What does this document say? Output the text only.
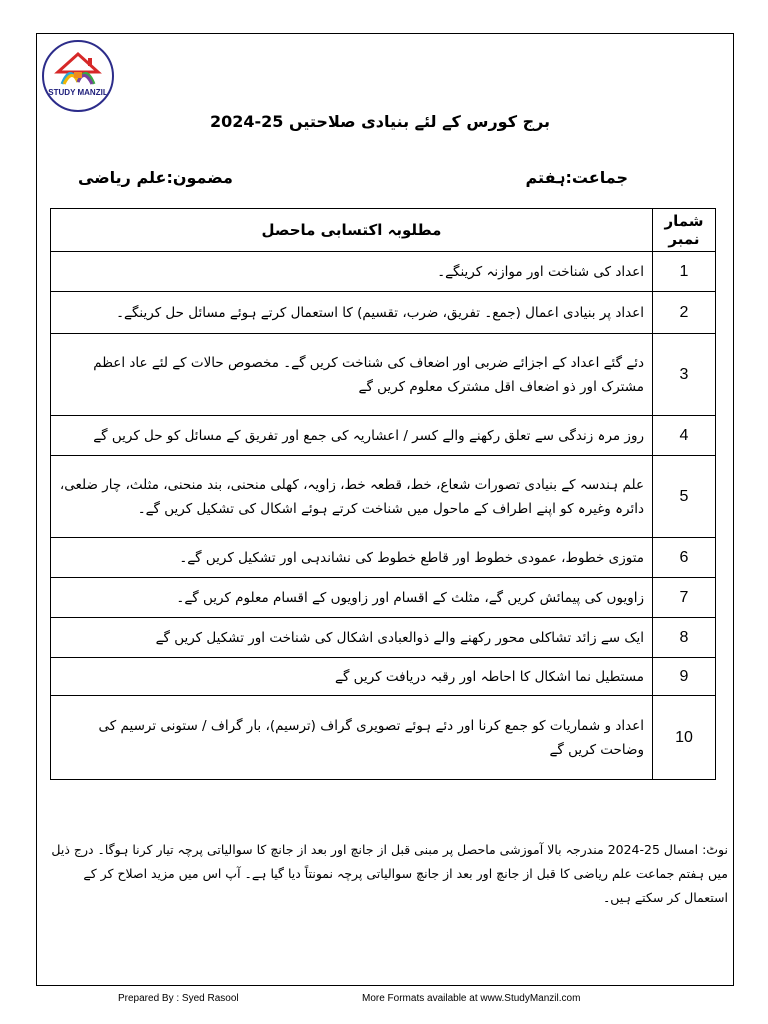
STUDY MANZIL
برج کورس کے لئے بنیادی صلاحتیں 25-2024
جماعت:ہفتم
مضمون:علم ریاضی
شمار نمبر	مطلوبہ اکتسابی ماحصل
1	اعداد کی شناخت اور موازنہ کرینگے۔
2	اعداد پر بنیادی اعمال (جمع۔ تفریق، ضرب، تقسیم) کا استعمال کرتے ہوئے مسائل حل کرینگے۔
3	دئے گئے اعداد کے اجزائے ضربی اور اضعاف کی شناخت کریں گے۔ مخصوص حالات کے لئے عاد اعظم مشترک اور ذو اضعاف اقل مشترک معلوم کریں گے
4	روز مرہ زندگی سے تعلق رکھنے والے کسر / اعشاریہ کی جمع اور تفریق کے مسائل کو حل کریں گے
5	علم ہندسہ کے بنیادی تصورات شعاع، خط، قطعہ خط، زاویہ، کھلی منحنی، بند منحنی، مثلث، چار ضلعی، دائرہ وغیرہ کو اپنے اطراف کے ماحول میں شناخت کرتے ہوئے اشکال کی تشکیل کریں گے۔
6	متوزی خطوط، عمودی خطوط اور قاطع خطوط کی نشاندہی اور تشکیل کریں گے۔
7	زاویوں کی پیمائش کریں گے، مثلث کے اقسام اور زاویوں کے اقسام معلوم کریں گے۔
8	ایک سے زائد تشاکلی محور رکھنے والے ذوالعبادی اشکال کی شناخت اور تشکیل کریں گے
9	مستطیل نما اشکال کا احاطہ اور رقبہ دریافت کریں گے
10	اعداد و شماریات کو جمع کرنا اور دئے ہوئے تصویری گراف (ترسیم)، بار گراف / ستونی ترسیم کی وضاحت کریں گے
نوٹ: امسال 25-2024 مندرجہ بالا آموزشی ماحصل پر مبنی قبل از جانچ اور بعد از جانچ کا سوالیاتی پرچہ تیار کرنا ہوگا۔ درج ذیل میں ہفتم جماعت علم ریاضی کا قبل از جانچ اور بعد از جانچ سوالیاتی پرچہ نمونتاً دیا گیا ہے۔ آپ اس میں مزید اصلاح کر کے استعمال کر سکتے ہیں۔
Prepared By : Syed Rasool	More Formats available at www.StudyManzil.com
